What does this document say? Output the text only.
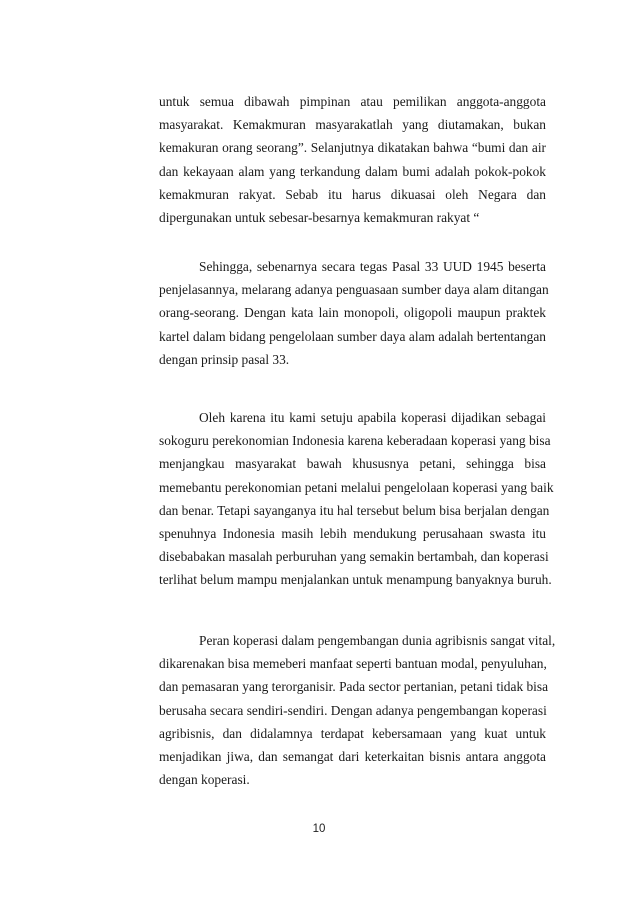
untuk semua dibawah pimpinan atau pemilikan anggota-anggota
masyarakat. Kemakmuran masyarakatlah yang diutamakan, bukan
kemakuran orang seorang”. Selanjutnya dikatakan bahwa “bumi dan air
dan kekayaan alam yang terkandung dalam bumi adalah pokok-pokok
kemakmuran rakyat. Sebab itu harus dikuasai oleh Negara dan
dipergunakan untuk sebesar-besarnya kemakmuran rakyat “
Sehingga, sebenarnya secara tegas Pasal 33 UUD 1945 beserta
penjelasannya, melarang adanya penguasaan sumber daya alam ditangan
orang-seorang. Dengan kata lain monopoli, oligopoli maupun praktek
kartel dalam bidang pengelolaan sumber daya alam adalah bertentangan
dengan prinsip pasal 33.
Oleh karena itu kami setuju apabila koperasi dijadikan sebagai
sokoguru perekonomian Indonesia karena keberadaan koperasi yang bisa
menjangkau masyarakat bawah khususnya petani, sehingga bisa
memebantu perekonomian petani melalui pengelolaan koperasi yang baik
dan benar. Tetapi sayanganya itu hal tersebut belum bisa berjalan dengan
spenuhnya Indonesia masih lebih mendukung perusahaan swasta itu
disebabakan masalah perburuhan yang semakin bertambah, dan koperasi
terlihat belum mampu menjalankan untuk menampung banyaknya buruh.
Peran koperasi dalam pengembangan dunia agribisnis sangat vital,
dikarenakan bisa memeberi manfaat seperti bantuan modal, penyuluhan,
dan pemasaran yang terorganisir. Pada sector pertanian, petani tidak bisa
berusaha secara sendiri-sendiri. Dengan adanya pengembangan koperasi
agribisnis, dan didalamnya terdapat kebersamaan yang kuat untuk
menjadikan jiwa, dan semangat dari keterkaitan bisnis antara anggota
dengan koperasi.
10
